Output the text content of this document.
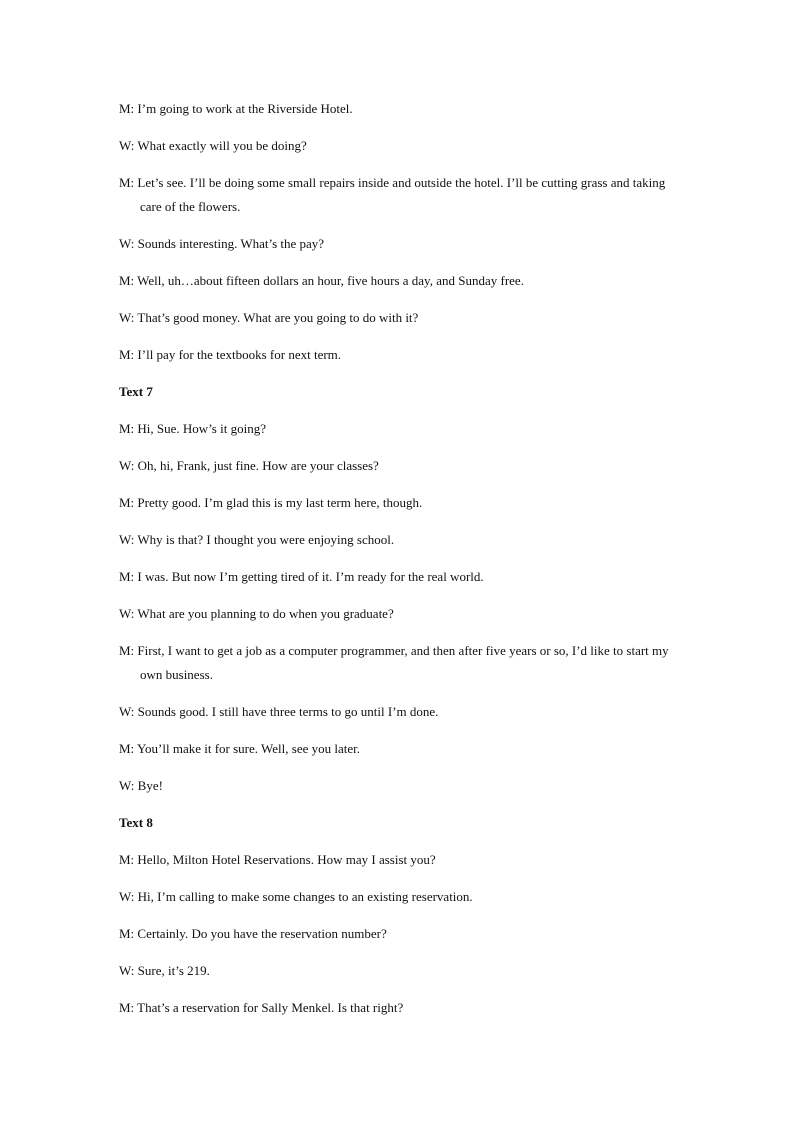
M: I’m going to work at the Riverside Hotel.

W: What exactly will you be doing?

M: Let’s see. I’ll be doing some small repairs inside and outside the hotel. I’ll be cutting grass and taking care of the flowers.

W: Sounds interesting. What’s the pay?

M: Well, uh…about fifteen dollars an hour, five hours a day, and Sunday free.

W: That’s good money. What are you going to do with it?

M: I’ll pay for the textbooks for next term.

Text 7

M: Hi, Sue. How’s it going?

W: Oh, hi, Frank, just fine. How are your classes?

M: Pretty good. I’m glad this is my last term here, though.

W: Why is that? I thought you were enjoying school.

M: I was. But now I’m getting tired of it. I’m ready for the real world.

W: What are you planning to do when you graduate?

M: First, I want to get a job as a computer programmer, and then after five years or so, I’d like to start my own business.

W: Sounds good. I still have three terms to go until I’m done.

M: You’ll make it for sure. Well, see you later.

W: Bye!

Text 8

M: Hello, Milton Hotel Reservations. How may I assist you?

W: Hi, I’m calling to make some changes to an existing reservation.

M: Certainly. Do you have the reservation number?

W: Sure, it’s 219.

M: That’s a reservation for Sally Menkel. Is that right?
